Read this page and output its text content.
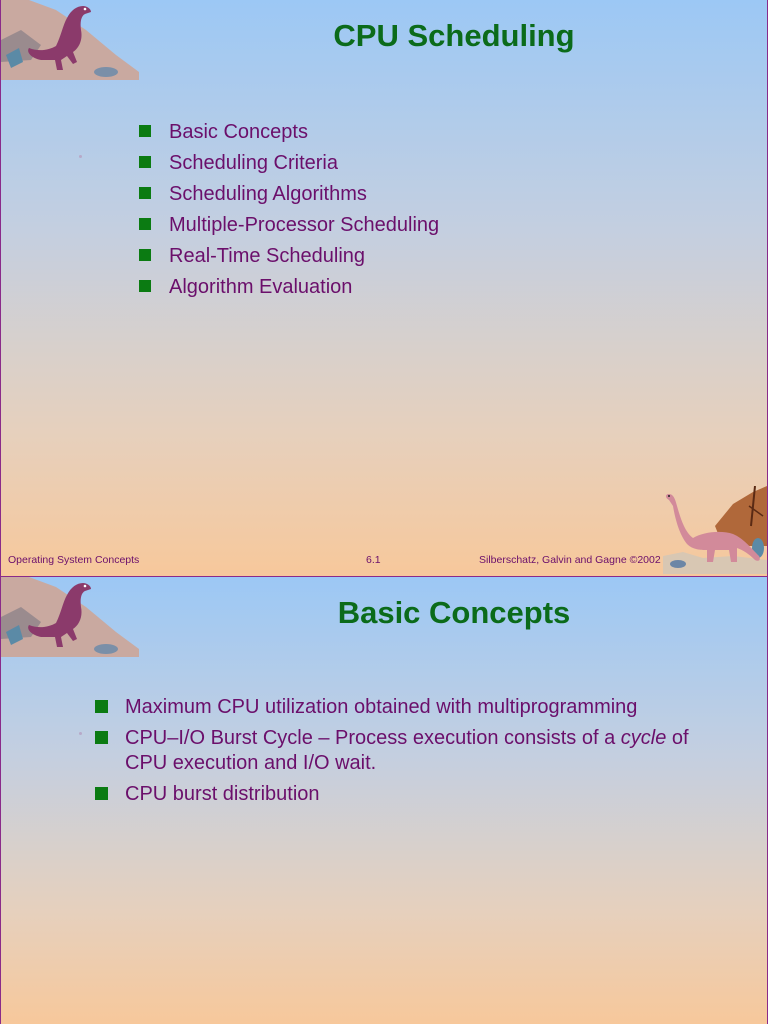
CPU Scheduling
Basic Concepts
Scheduling Criteria
Scheduling Algorithms
Multiple-Processor Scheduling
Real-Time Scheduling
Algorithm Evaluation
Operating System Concepts	6.1	Silberschatz, Galvin and Gagne ©2002
Basic Concepts
Maximum CPU utilization obtained with multiprogramming
CPU–I/O Burst Cycle – Process execution consists of a cycle of CPU execution and I/O wait.
CPU burst distribution
